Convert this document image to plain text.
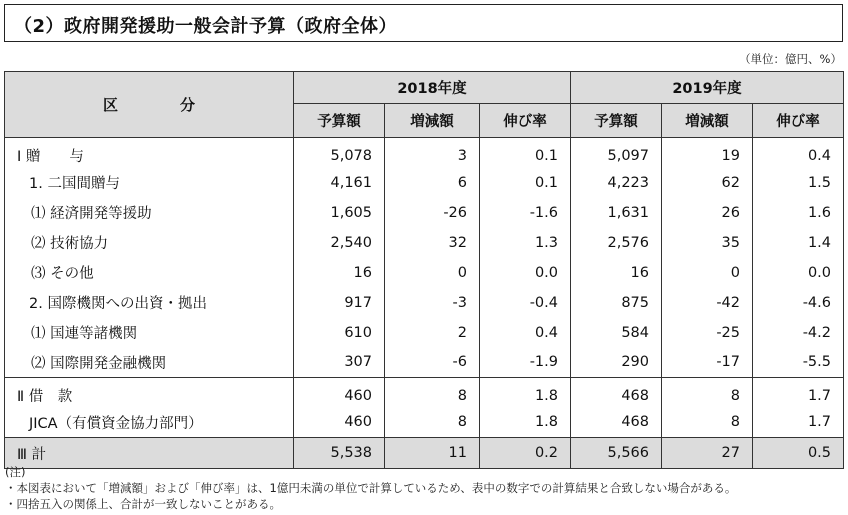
（2）政府開発援助一般会計予算（政府全体）
（単位：億円、%）
区 分	2018年度			2019年度		
	予算額	増減額	伸び率	予算額	増減額	伸び率
Ⅰ 贈　　与	5,078	3	0.1	5,097	19	0.4
1. 二国間贈与	4,161	6	0.1	4,223	62	1.5
⑴ 経済開発等援助	1,605	-26	-1.6	1,631	26	1.6
⑵ 技術協力	2,540	32	1.3	2,576	35	1.4
⑶ その他	16	0	0.0	16	0	0.0
2. 国際機関への出資・拠出	917	-3	-0.4	875	-42	-4.6
⑴ 国連等諸機関	610	2	0.4	584	-25	-4.2
⑵ 国際開発金融機関	307	-6	-1.9	290	-17	-5.5
Ⅱ 借　款	460	8	1.8	468	8	1.7
JICA（有償資金協力部門）	460	8	1.8	468	8	1.7
Ⅲ 計	5,538	11	0.2	5,566	27	0.5
(注)
・本図表において「増減額」および「伸び率」は、1億円未満の単位で計算しているため、表中の数字での計算結果と合致しない場合がある。
・四捨五入の関係上、合計が一致しないことがある。
